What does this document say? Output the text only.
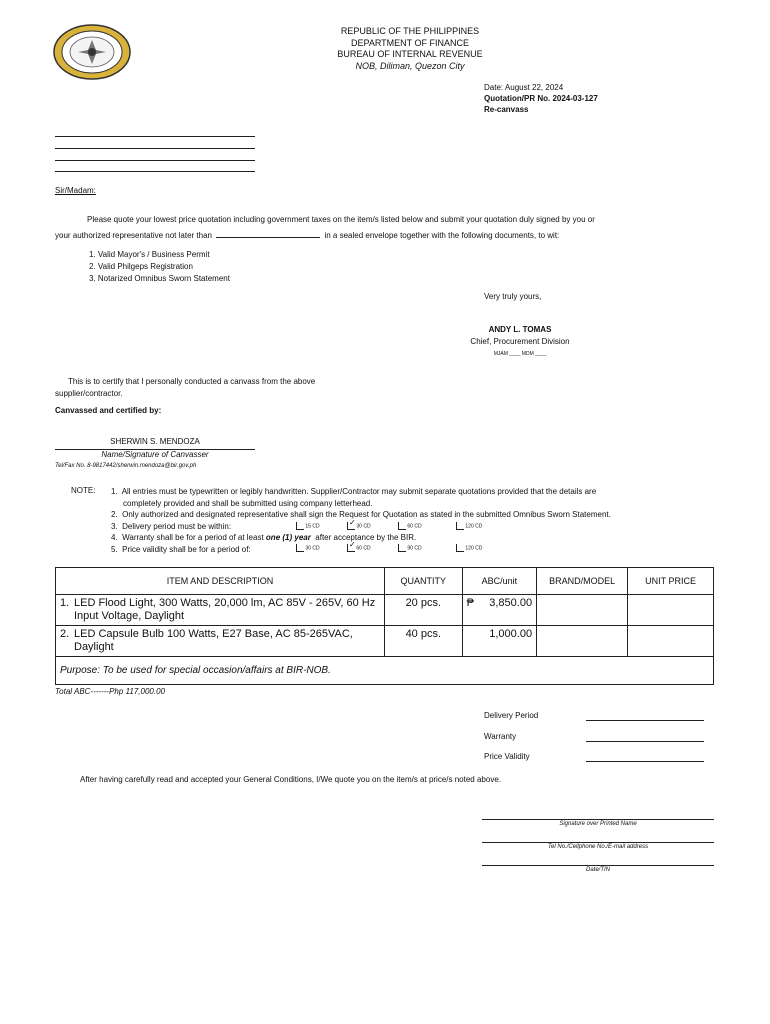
REPUBLIC OF THE PHILIPPINES
DEPARTMENT OF FINANCE
BUREAU OF INTERNAL REVENUE
NOB, Diliman, Quezon City
Date: August 22, 2024
Quotation/PR No. 2024-03-127
Re-canvass
Sir/Madam:
Please quote your lowest price quotation including government taxes on the item/s listed below and submit your quotation duly signed by you or
your authorized representative not later than	in a sealed envelope together with the following documents, to wit:
1. Valid Mayor's / Business Permit
2. Valid Philgeps Registration
3. Notarized Omnibus Sworn Statement
Very truly yours,
ANDY L. TOMAS
Chief, Procurement Division
MJAM ____ MDM ____
This is to certify that I personally conducted a canvass from the above
supplier/contractor.
Canvassed and certified by:
SHERWIN S. MENDOZA
Name/Signature of Canvasser
Tel/Fax No. 8-9817442/sherwin.mendoza@bir.gov.ph
NOTE: 1.  All entries must be typewritten or legibly handwritten. Supplier/Contractor may submit separate quotations provided that the details are
completely provided and shall be submitted using company letterhead.
2.  Only authorized and designated representative shall sign the Request for Quotation as stated in the submitted Omnibus Sworn Statement.
3.  Delivery period must be within:
4.  Warranty shall be for a period of at least one (1) year after acceptance by the BIR.
5.  Price validity shall be for a period of:
15 CD ✓	30 CD	60 CD	120 CD
30 CD ✓	60 CD	90 CD	120 CD
ITEM AND DESCRIPTION	QUANTITY	ABC/unit	BRAND/MODEL	UNIT PRICE

1. LED Flood Light, 300 Watts, 20,000 lm, AC 85V - 265V, 60 Hz Input Voltage, Daylight	20 pcs.	₱ 3,850.00		

2. LED Capsule Bulb 100 Watts, E27 Base, AC 85-265VAC, Daylight	40 pcs.	1,000.00		

Purpose: To be used for special occasion/affairs at BIR-NOB.				
Total ABC-------Php 117,000.00
Delivery Period
Warranty
Price Validity
After having carefully read and accepted your General Conditions, I/We quote you on the item/s at price/s noted above.
Signature over Printed Name
Tel No./Cellphone No./E-mail address
Date/TIN
